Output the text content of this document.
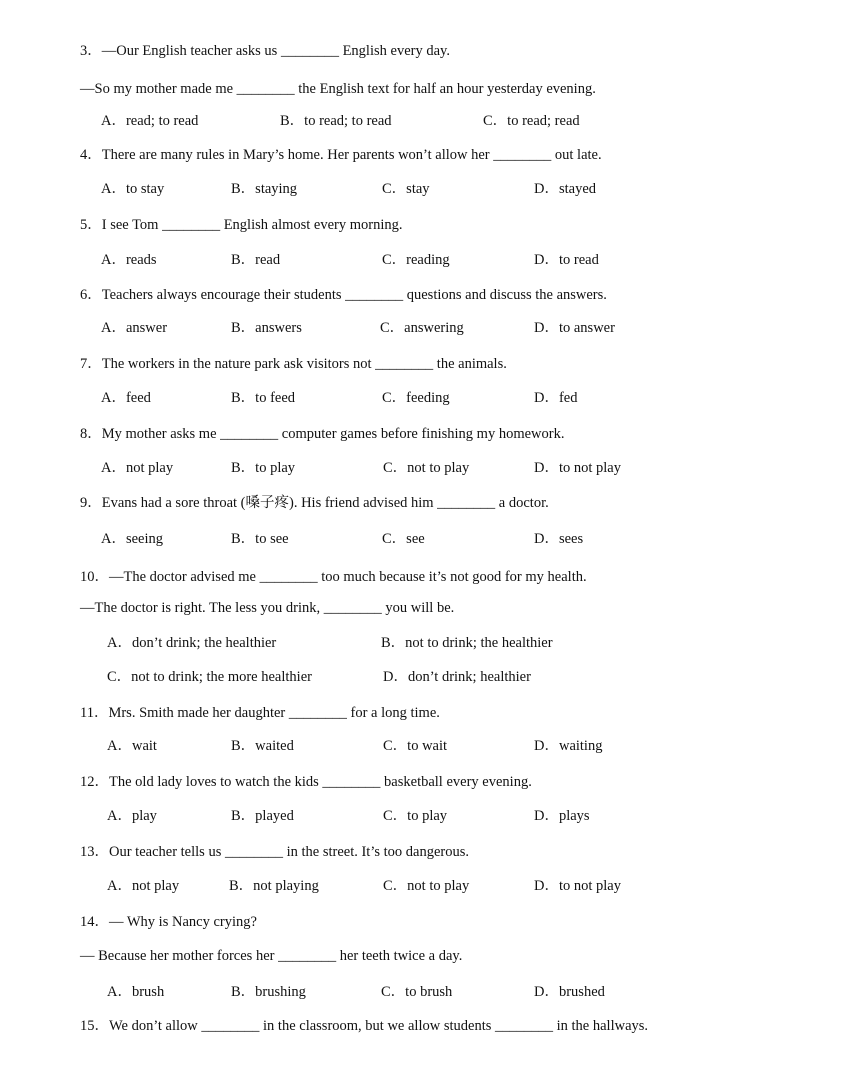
3．—Our English teacher asks us ________ English every day.
—So my mother made me ________ the English text for half an hour yesterday evening.
A．read; to read	B．to read; to read	C．to read; read
4．There are many rules in Mary’s home. Her parents won’t allow her ________ out late.
A．to stay	B．staying	C．stay	D．stayed
5．I see Tom ________ English almost every morning.
A．reads	B．read	C．reading	D．to read
6．Teachers always encourage their students ________ questions and discuss the answers.
A．answer	B．answers	C．answering	D．to answer
7．The workers in the nature park ask visitors not ________ the animals.
A．feed	B．to feed	C．feeding	D．fed
8．My mother asks me ________ computer games before finishing my homework.
A．not play	B．to play	C．not to play	D．to not play
9．Evans had a sore throat (嗓子疼). His friend advised him ________ a doctor.
A．seeing	B．to see	C．see	D．sees
10．—The doctor advised me ________ too much because it’s not good for my health.
—The doctor is right. The less you drink, ________ you will be.
A．don’t drink; the healthier	B．not to drink; the healthier
C．not to drink; the more healthier	D．don’t drink; healthier
11．Mrs. Smith made her daughter ________ for a long time.
A．wait	B．waited	C．to wait	D．waiting
12．The old lady loves to watch the kids ________ basketball every evening.
A．play	B．played	C．to play	D．plays
13．Our teacher tells us ________ in the street. It’s too dangerous.
A．not play	B．not playing	C．not to play	D．to not play
14．— Why is Nancy crying?
— Because her mother forces her ________ her teeth twice a day.
A．brush	B．brushing	C．to brush	D．brushed
15．We don’t allow ________ in the classroom, but we allow students ________ in the hallways.
